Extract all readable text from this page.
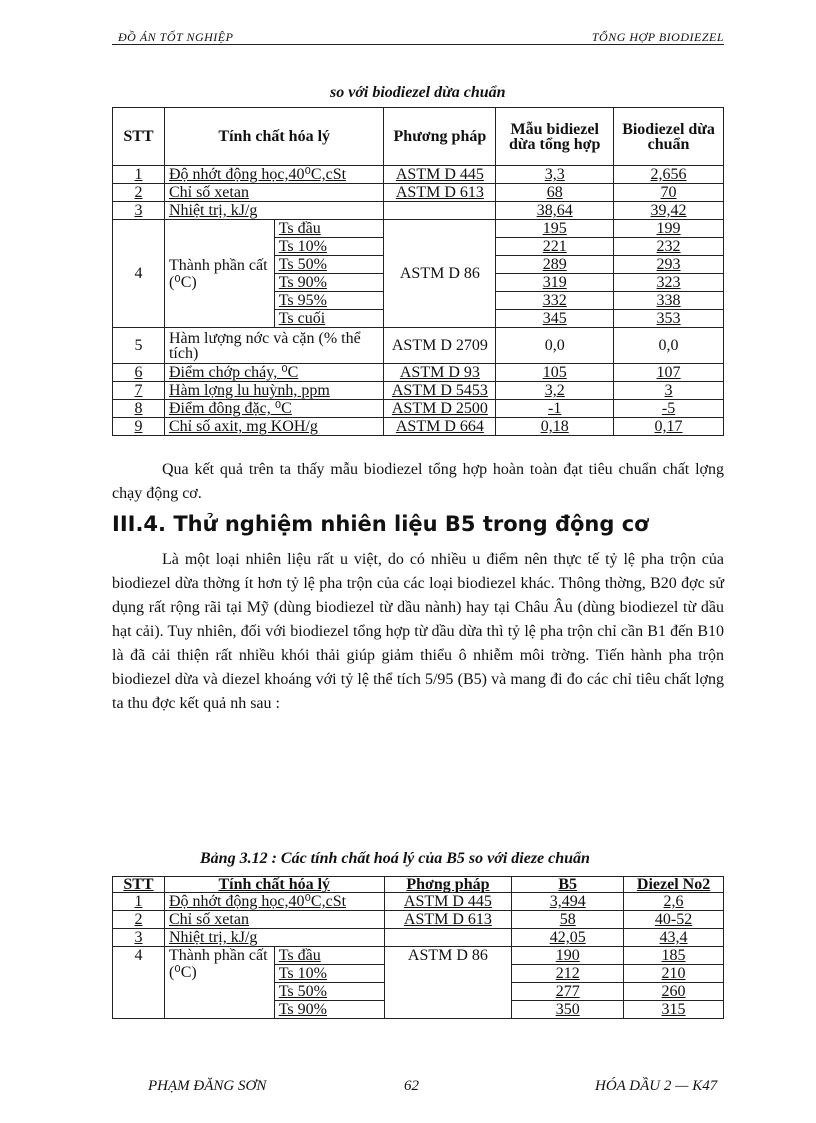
ĐỒ ÁN TỐT NGHIỆP	TỔNG HỢP BIODIEZEL
so với biodiezel dừa chuẩn
STT	Tính chất hóa lý		Phương pháp	Mẫu bidiezel dừa tổng hợp	Biodiezel dừa chuẩn
1	Độ nhớt động học,40⁰C,cSt		ASTM D 445	3,3	2,656
2	Chỉ số xetan		ASTM D 613	68	70
3	Nhiệt trị, kJ/g			38,64	39,42
4	Thành phần cất (⁰C)	Ts đầu	ASTM D 86	195	199
		Ts 10%		221	232
		Ts 50%		289	293
		Ts 90%		319	323
		Ts 95%		332	338
		Ts cuối		345	353
5	Hàm lượng nớc và cặn (% thể tích)		ASTM D 2709	0,0	0,0
6	Điểm chớp cháy, ⁰C		ASTM D 93	105	107
7	Hàm lợng lu huỳnh, ppm		ASTM D 5453	3,2	3
8	Điểm đông đặc, ⁰C		ASTM D 2500	-1	-5
9	Chỉ số axit, mg KOH/g		ASTM D 664	0,18	0,17

Qua kết quả trên ta thấy mẫu biodiezel tổng hợp hoàn toàn đạt tiêu chuẩn chất lợng chạy động cơ.

III.4. Thử nghiệm nhiên liệu B5 trong động cơ

Là một loại nhiên liệu rất u việt, do có nhiều u điểm nên thực tế tỷ lệ pha trộn của biodiezel dừa thờng ít hơn tỷ lệ pha trộn của các loại biodiezel khác. Thông thờng, B20 đợc sử dụng rất rộng rãi tại Mỹ (dùng biodiezel từ dầu nành) hay tại Châu Âu (dùng biodiezel từ dầu hạt cải). Tuy nhiên, đối với biodiezel tổng hợp từ dầu dừa thì tỷ lệ pha trộn chỉ cần B1 đến B10 là đã cải thiện rất nhiều khói thải giúp giảm thiểu ô nhiễm môi trờng. Tiến hành pha trộn biodiezel dừa và diezel khoáng với tỷ lệ thể tích 5/95 (B5) và mang đi đo các chỉ tiêu chất lợng ta thu đợc kết quả nh sau :

Bảng 3.12 : Các tính chất hoá lý của B5 so với dieze chuẩn
STT	Tính chất hóa lý		Phơng pháp	B5	Diezel No2
1	Độ nhớt động học,40⁰C,cSt		ASTM D 445	3,494	2,6
2	Chỉ số xetan		ASTM D 613	58	40-52
3	Nhiệt trị, kJ/g			42,05	43,4
4	Thành phần cất (⁰C)	Ts đầu	ASTM D 86	190	185
		Ts 10%		212	210
		Ts 50%		277	260
		Ts 90%		350	315
PHẠM ĐĂNG SƠN	62	HÓA DẦU 2 — K47
